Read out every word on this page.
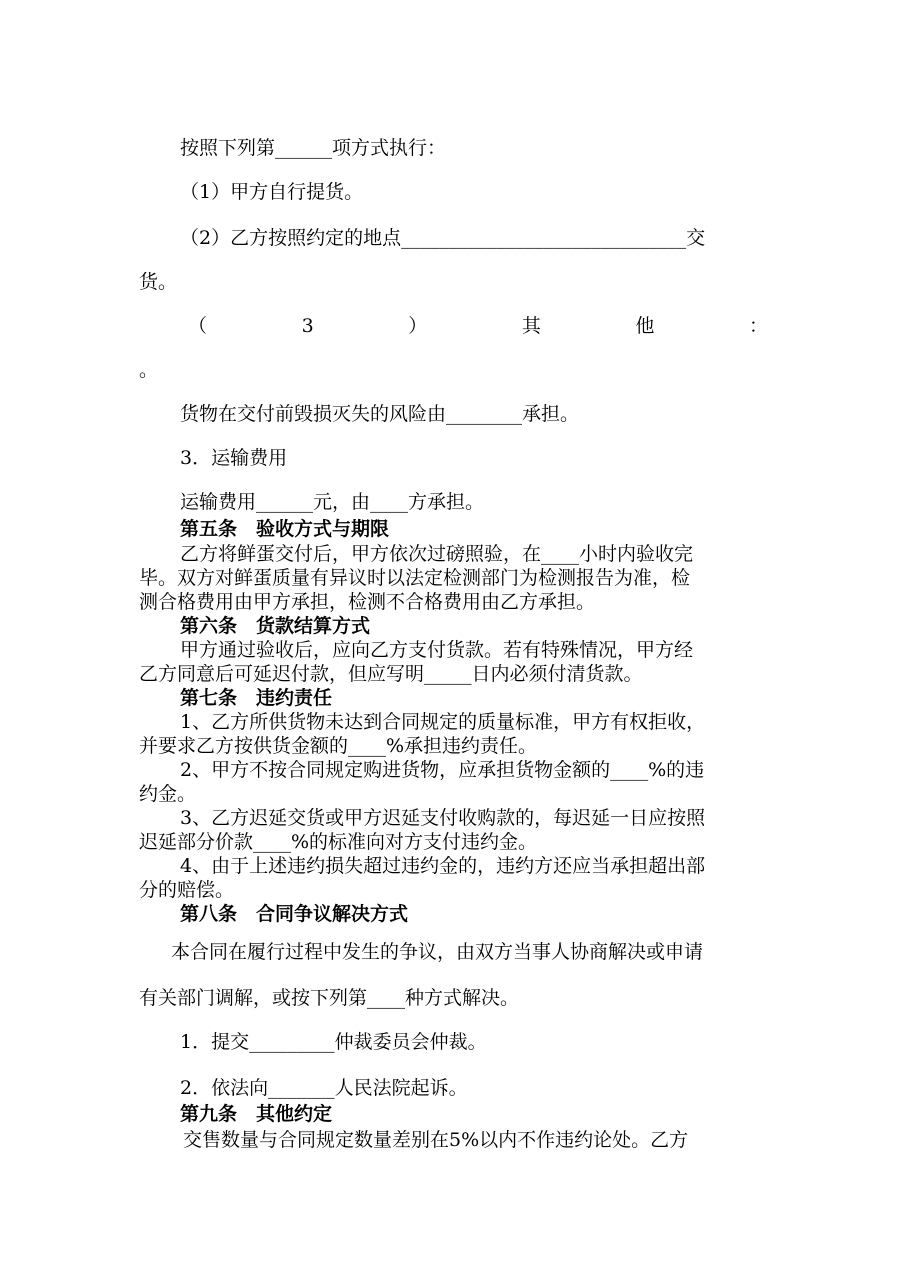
按照下列第______项方式执行：
（1）甲方自行提货。
（2）乙方按照约定的地点______________________________交
货。
（	3	）	其	他	：
。
货物在交付前毁损灭失的风险由________承担。
3．运输费用
运输费用______元，由____方承担。
第五条　验收方式与期限
乙方将鲜蛋交付后，甲方依次过磅照验，在____小时内验收完
毕。双方对鲜蛋质量有异议时以法定检测部门为检测报告为准，检
测合格费用由甲方承担，检测不合格费用由乙方承担。
第六条　货款结算方式
甲方通过验收后，应向乙方支付货款。若有特殊情况，甲方经
乙方同意后可延迟付款，但应写明_____日内必须付清货款。
第七条　违约责任
1、乙方所供货物未达到合同规定的质量标准，甲方有权拒收，
并要求乙方按供货金额的____%承担违约责任。
2、甲方不按合同规定购进货物，应承担货物金额的____%的违
约金。
3、乙方迟延交货或甲方迟延支付收购款的，每迟延一日应按照
迟延部分价款____%的标准向对方支付违约金。
4、由于上述违约损失超过违约金的，违约方还应当承担超出部
分的赔偿。
第八条　合同争议解决方式
本合同在履行过程中发生的争议，由双方当事人协商解决或申请
有关部门调解，或按下列第____种方式解决。
1．提交_________仲裁委员会仲裁。
2．依法向_______人民法院起诉。
第九条　其他约定
交售数量与合同规定数量差别在5%以内不作违约论处。乙方
